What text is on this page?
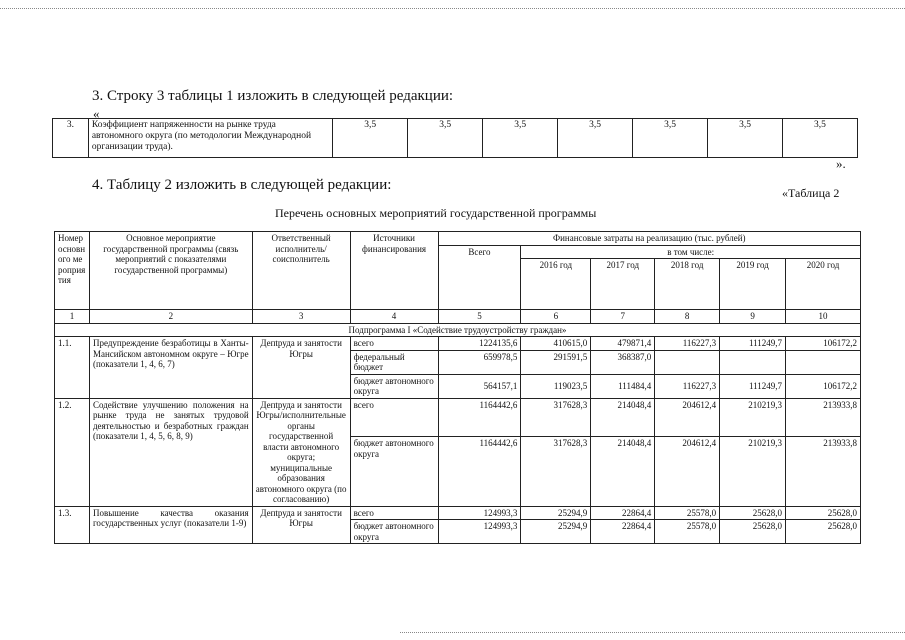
3. Строку 3 таблицы 1 изложить в следующей редакции:
«
3.	Коэффициент напряженности на рынке труда автономного округа (по методологии Международной организации труда).	3,5	3,5	3,5	3,5	3,5	3,5	3,5
».
4. Таблицу 2 изложить в следующей редакции:	«Таблица 2
Перечень основных мероприятий государственной программы
Номер основного мероприятия	Основное мероприятие государственной программы (связь мероприятий с показателями государственной программы)	Ответственный исполнитель/соисполнитель	Источники финансирования	Финансовые затраты на реализацию (тыс. рублей)					
				Всего	в том числе:				
					2016 год	2017 год	2018 год	2019 год	2020 год
1	2	3	4	5	6	7	8	9	10
Подпрограмма I «Содействие трудоустройству граждан»									
1.1.	Предупреждение безработицы в Ханты-Мансийском автономном округе – Югре (показатели 1, 4, 6, 7)	Депtруда и занятости Югры	всего	1224135,6	410615,0	479871,4	116227,3	111249,7	106172,2
			федеральный бюджет	659978,5	291591,5	368387,0			
			бюджет автономного округа	564157,1	119023,5	111484,4	116227,3	111249,7	106172,2
1.2.	Содействие улучшению положения на рынке труда не занятых трудовой деятельностью и безработных граждан (показатели 1, 4, 5, 6, 8, 9)	Депtруда и занятости Югры/исполнительные органы государственной власти автономного округа; муниципальные образования автономного округа (по согласованию)	всего	1164442,6	317628,3	214048,4	204612,4	210219,3	213933,8
			бюджет автономного округа	1164442,6	317628,3	214048,4	204612,4	210219,3	213933,8
1.3.	Повышение качества оказания государственных услуг (показатели 1-9)	Депtруда и занятости Югры	всего	124993,3	25294,9	22864,4	25578,0	25628,0	25628,0
			бюджет автономного округа	124993,3	25294,9	22864,4	25578,0	25628,0	25628,0
